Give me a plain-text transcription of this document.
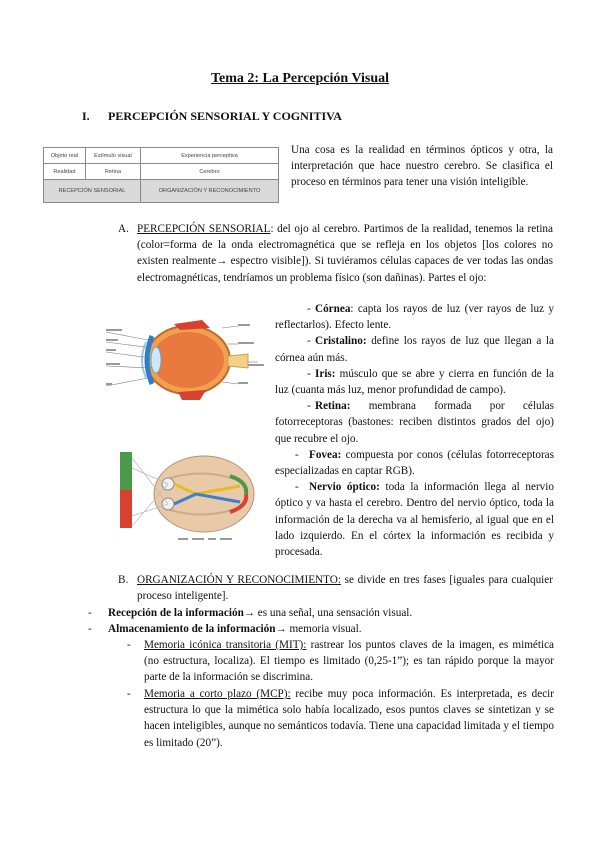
Tema 2: La Percepción Visual
I. PERCEPCIÓN SENSORIAL Y COGNITIVA
Objeto real	Estímulo visual	Experiencia perceptiva
Realidad	Retina	Cerebro
RECEPCIÓN SENSORIAL		ORGANIZACIÓN Y RECONOCIMIENTO
Una cosa es la realidad en términos ópticos y otra, la interpretación que hace nuestro cerebro. Se clasifica el proceso en términos para tener una visión inteligible.
A. PERCEPCIÓN SENSORIAL: del ojo al cerebro. Partimos de la realidad, tenemos la retina (color=forma de la onda electromagnética que se refleja en los objetos [los colores no existen realmente→ espectro visible]). Si tuviéramos células capaces de ver todas las ondas electromagnéticas, tendríamos un problema físico (son dañinas). Partes el ojo:
- Córnea: capta los rayos de luz (ver rayos de luz y reflectarlos). Efecto lente.
- Cristalino: define los rayos de luz que llegan a la córnea aún más.
- Iris: músculo que se abre y cierra en función de la luz (cuanta más luz, menor profundidad de campo).
- Retina: membrana formada por células fotorreceptoras (bastones: reciben distintos grados del ojo) que recubre el ojo.
- Fovea: compuesta por conos (células fotorreceptoras especializadas en captar RGB).
- Nervio óptico: toda la información llega al nervio óptico y va hasta el cerebro. Dentro del nervio óptico, toda la información de la derecha va al hemisferio, al igual que en el lado izquierdo. En el córtex la información es recibida y procesada.
B. ORGANIZACIÓN Y RECONOCIMIENTO: se divide en tres fases [iguales para cualquier proceso inteligente].
- Recepción de la información→ es una señal, una sensación visual.
- Almacenamiento de la información→ memoria visual.
- Memoria icónica transitoria (MIT): rastrear los puntos claves de la imagen, es mimética (no estructura, localiza). El tiempo es limitado (0,25-1”); es tan rápido porque la mayor parte de la información se discrimina.
- Memoria a corto plazo (MCP): recibe muy poca información. Es interpretada, es decir estructura lo que la mimética solo había localizado, esos puntos claves se sintetizan y se hacen inteligibles, aunque no semánticos todavía. Tiene una capacidad limitada y el tiempo es limitado (20”).
